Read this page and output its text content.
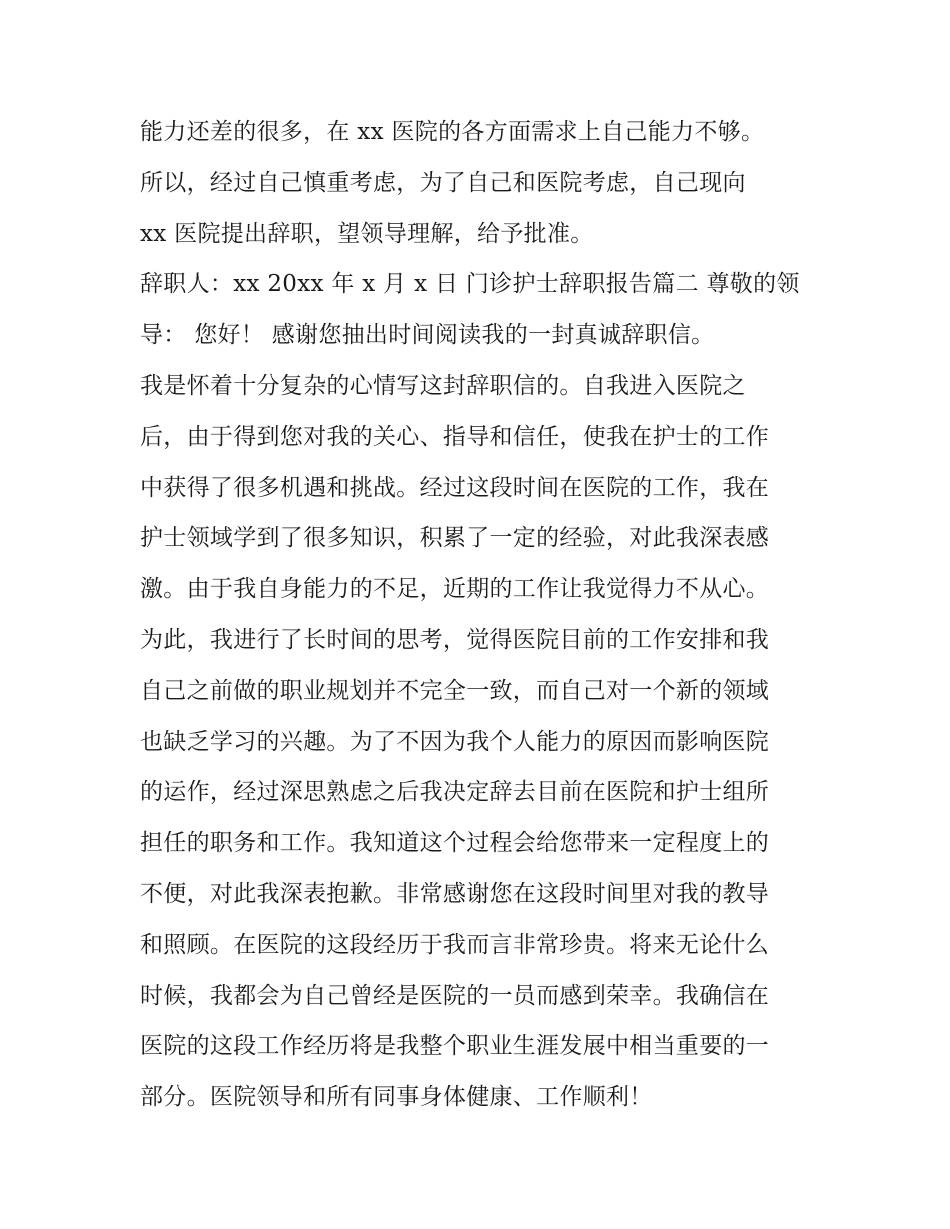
能力还差的很多，在 xx 医院的各方面需求上自己能力不够。
所以，经过自己慎重考虑，为了自己和医院考虑，自己现向
xx 医院提出辞职，望领导理解，给予批准。
辞职人：xx 20xx 年 x 月 x 日 门诊护士辞职报告篇二 尊敬的领
导： 您好！ 感谢您抽出时间阅读我的一封真诚辞职信。
我是怀着十分复杂的心情写这封辞职信的。自我进入医院之
后，由于得到您对我的关心、指导和信任，使我在护士的工作
中获得了很多机遇和挑战。经过这段时间在医院的工作，我在
护士领域学到了很多知识，积累了一定的经验，对此我深表感
激。由于我自身能力的不足，近期的工作让我觉得力不从心。
为此，我进行了长时间的思考，觉得医院目前的工作安排和我
自己之前做的职业规划并不完全一致，而自己对一个新的领域
也缺乏学习的兴趣。为了不因为我个人能力的原因而影响医院
的运作，经过深思熟虑之后我决定辞去目前在医院和护士组所
担任的职务和工作。我知道这个过程会给您带来一定程度上的
不便，对此我深表抱歉。非常感谢您在这段时间里对我的教导
和照顾。在医院的这段经历于我而言非常珍贵。将来无论什么
时候，我都会为自己曾经是医院的一员而感到荣幸。我确信在
医院的这段工作经历将是我整个职业生涯发展中相当重要的一
部分。医院领导和所有同事身体健康、工作顺利！
